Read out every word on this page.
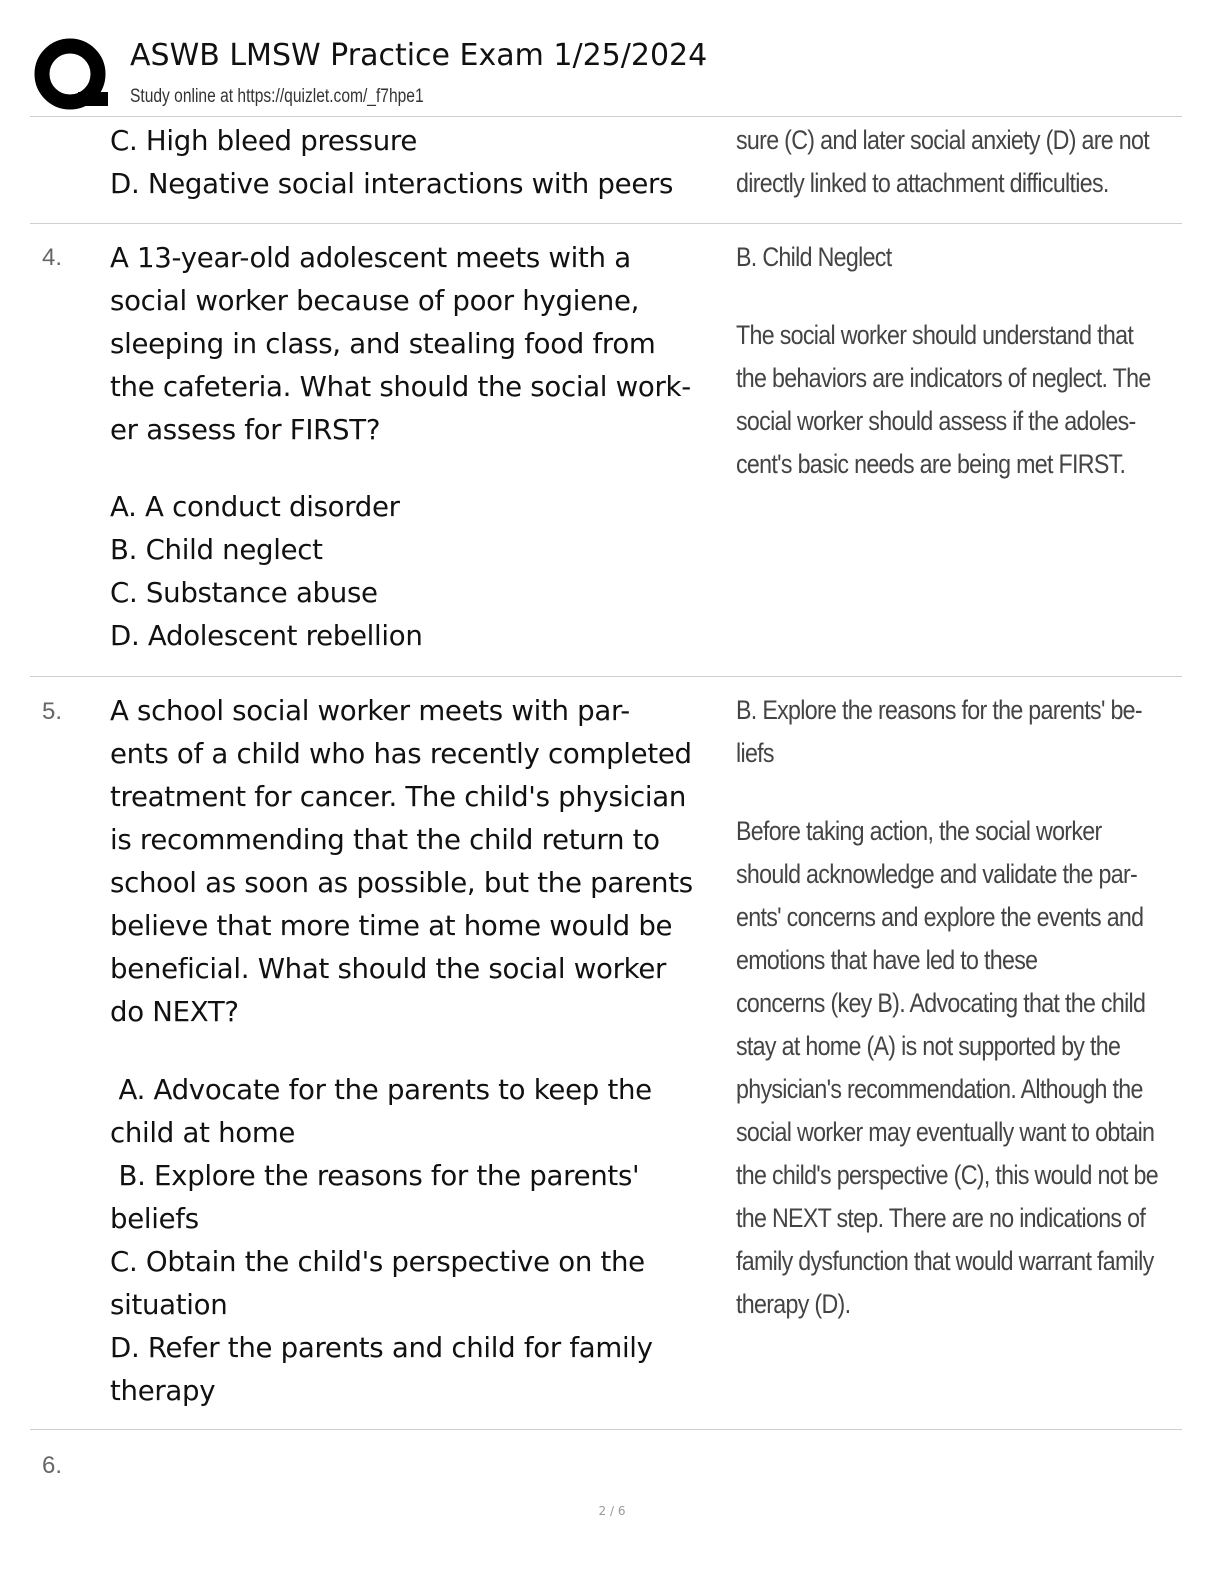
ASWB LMSW Practice Exam 1/25/2024
Study online at https://quizlet.com/_f7hpe1

C. High bleed pressure

D. Negative social interactions with peers

sure (C) and later social anxiety (D) are not

directly linked to attachment difficulties.

4. A 13-year-old adolescent meets with a

social worker because of poor hygiene,

sleeping in class, and stealing food from

the cafeteria. What should the social work-

er assess for FIRST?

A. A conduct disorder

B. Child neglect

C. Substance abuse

D. Adolescent rebellion

B. Child Neglect

The social worker should understand that

the behaviors are indicators of neglect. The

social worker should assess if the adoles-

cent's basic needs are being met FIRST.

5. A school social worker meets with par-

ents of a child who has recently completed

treatment for cancer. The child's physician

is recommending that the child return to

school as soon as possible, but the parents

believe that more time at home would be

beneficial. What should the social worker

do NEXT?

A. Advocate for the parents to keep the

child at home

B. Explore the reasons for the parents'

beliefs

C. Obtain the child's perspective on the

situation

D. Refer the parents and child for family

therapy

B. Explore the reasons for the parents' be-

liefs

Before taking action, the social worker

should acknowledge and validate the par-

ents' concerns and explore the events and

emotions that have led to these

concerns (key B). Advocating that the child

stay at home (A) is not supported by the

physician's recommendation. Although the

social worker may eventually want to obtain

the child's perspective (C), this would not be

the NEXT step. There are no indications of

family dysfunction that would warrant family

therapy (D).

6.
2 / 6
